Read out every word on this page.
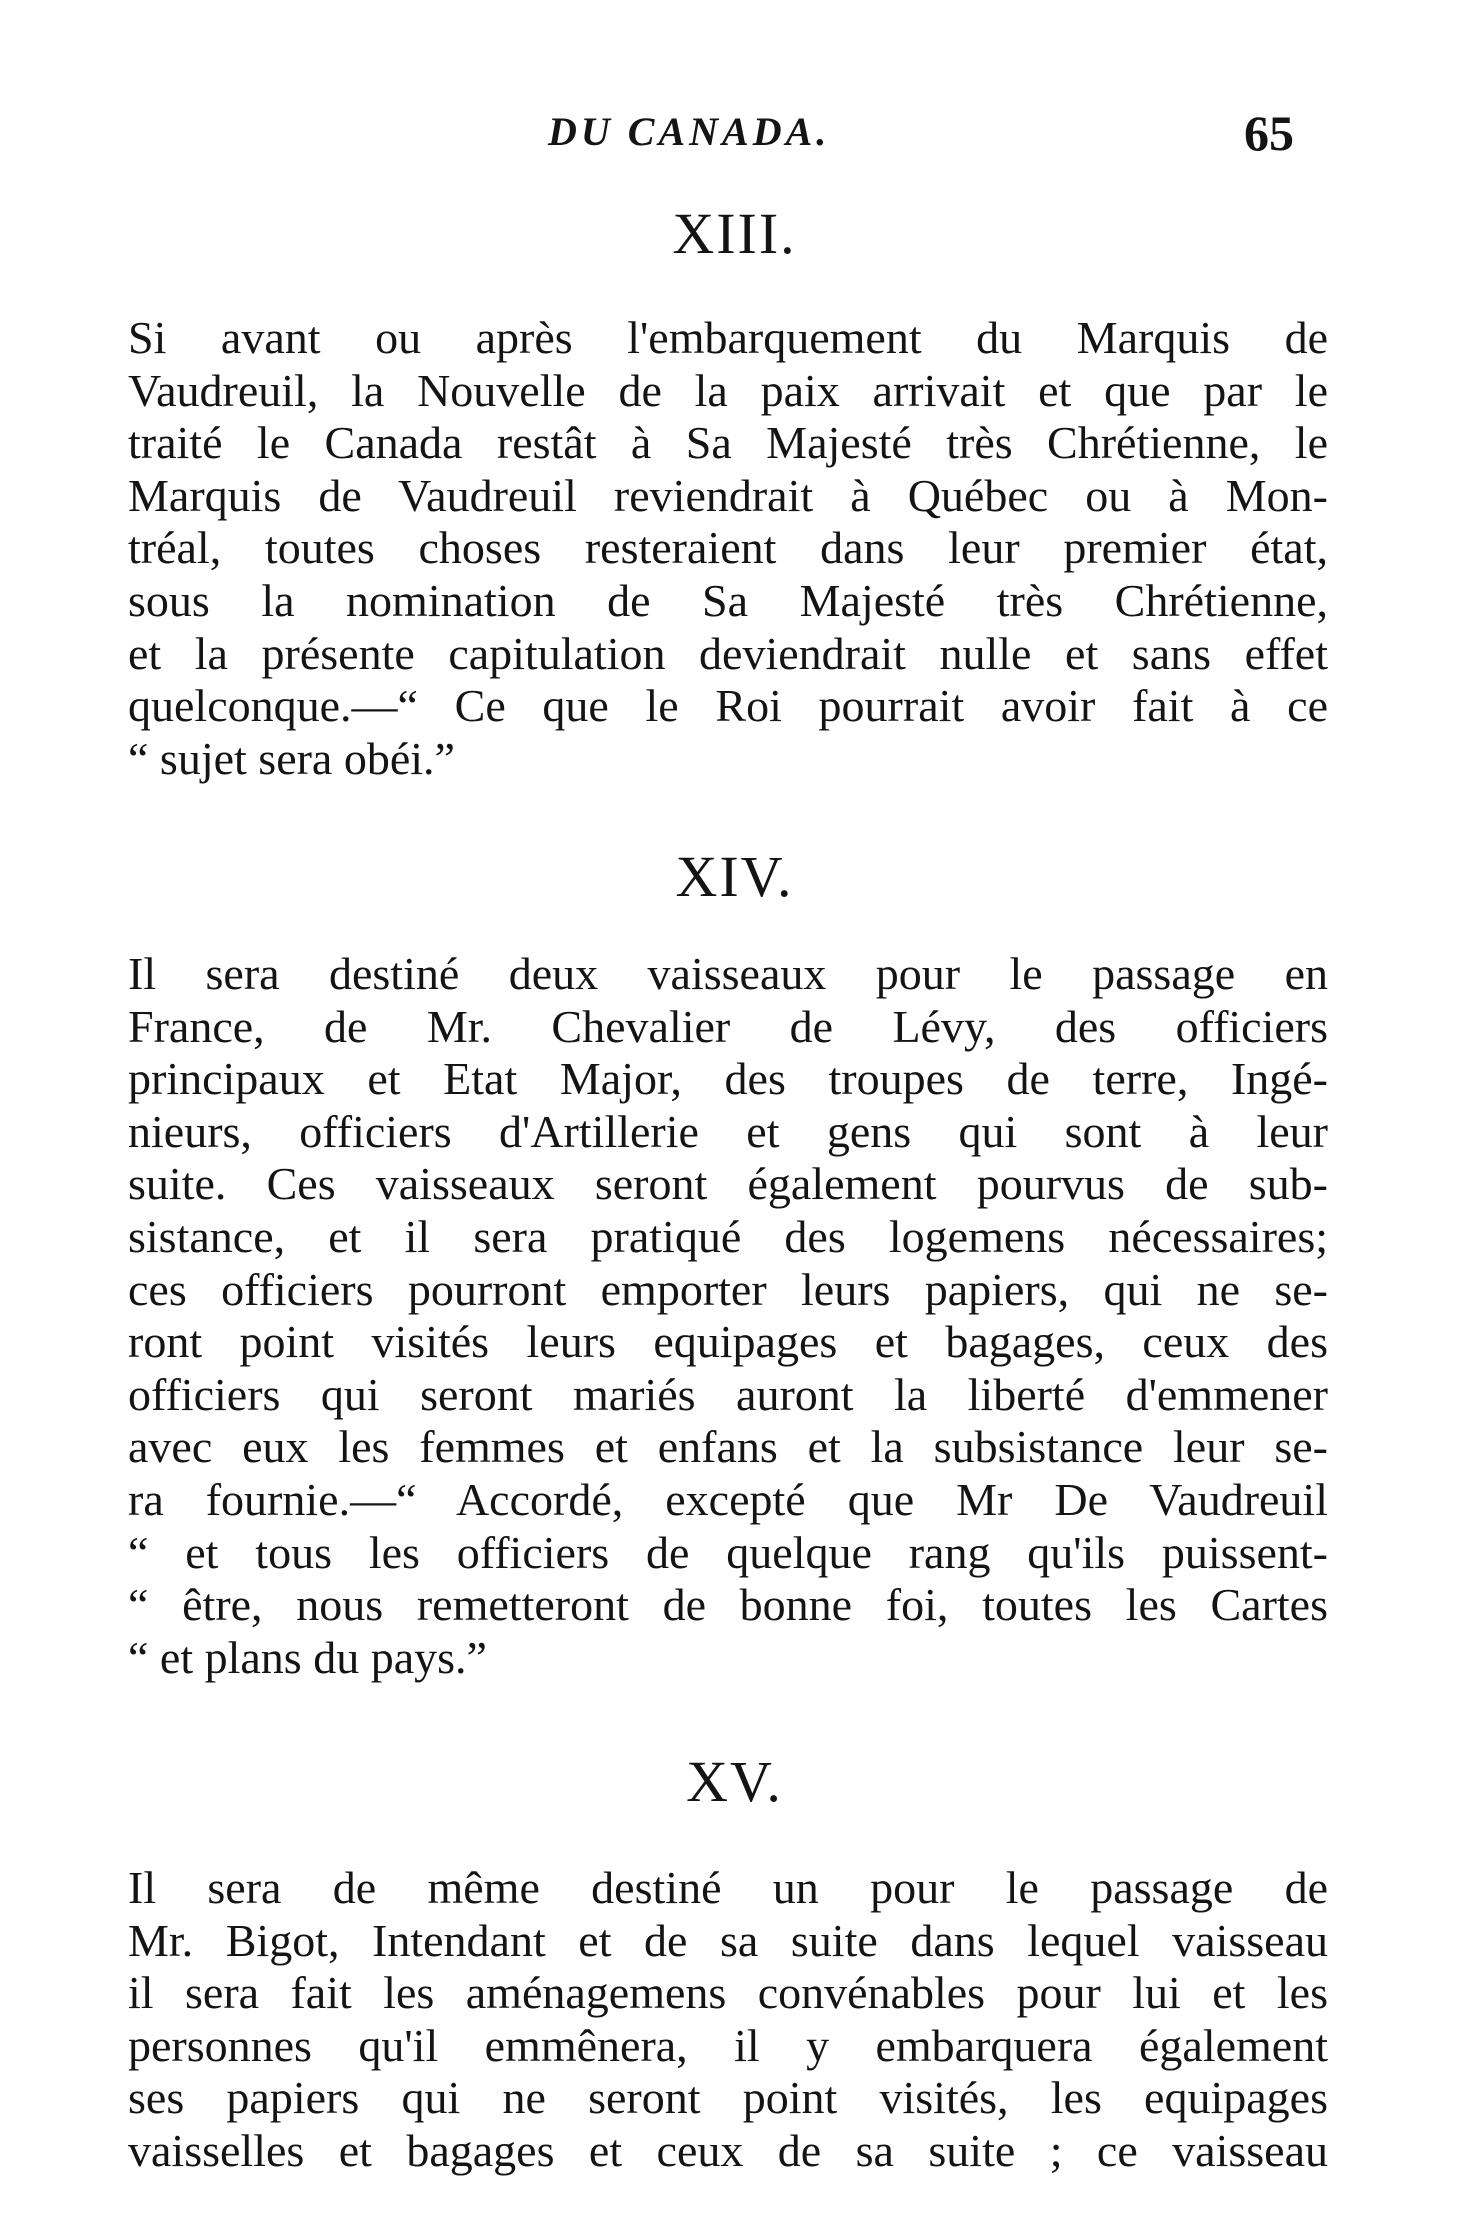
DU CANADA.	65
XIII.
Si avant ou après l'embarquement du Marquis de
Vaudreuil, la Nouvelle de la paix arrivait et que par le
traité le Canada restât à Sa Majesté très Chrétienne, le
Marquis de Vaudreuil reviendrait à Québec ou à Mon-
tréal, toutes choses resteraient dans leur premier état,
sous la nomination de Sa Majesté très Chrétienne,
et la présente capitulation deviendrait nulle et sans effet
quelconque.—“ Ce que le Roi pourrait avoir fait à ce
“ sujet sera obéi.”
XIV.
Il sera destiné deux vaisseaux pour le passage en
France, de Mr. Chevalier de Lévy, des officiers
principaux et Etat Major, des troupes de terre, Ingé-
nieurs, officiers d'Artillerie et gens qui sont à leur
suite. Ces vaisseaux seront également pourvus de sub-
sistance, et il sera pratiqué des logemens nécessaires;
ces officiers pourront emporter leurs papiers, qui ne se-
ront point visités leurs equipages et bagages, ceux des
officiers qui seront mariés auront la liberté d'emmener
avec eux les femmes et enfans et la subsistance leur se-
ra fournie.—“ Accordé, excepté que Mr De Vaudreuil
“ et tous les officiers de quelque rang qu'ils puissent-
“ être, nous remetteront de bonne foi, toutes les Cartes
“ et plans du pays.”
XV.
Il sera de même destiné un pour le passage de
Mr. Bigot, Intendant et de sa suite dans lequel vaisseau
il sera fait les aménagemens convénables pour lui et les
personnes qu'il emmênera, il y embarquera également
ses papiers qui ne seront point visités, les equipages
vaisselles et bagages et ceux de sa suite ; ce vaisseau
